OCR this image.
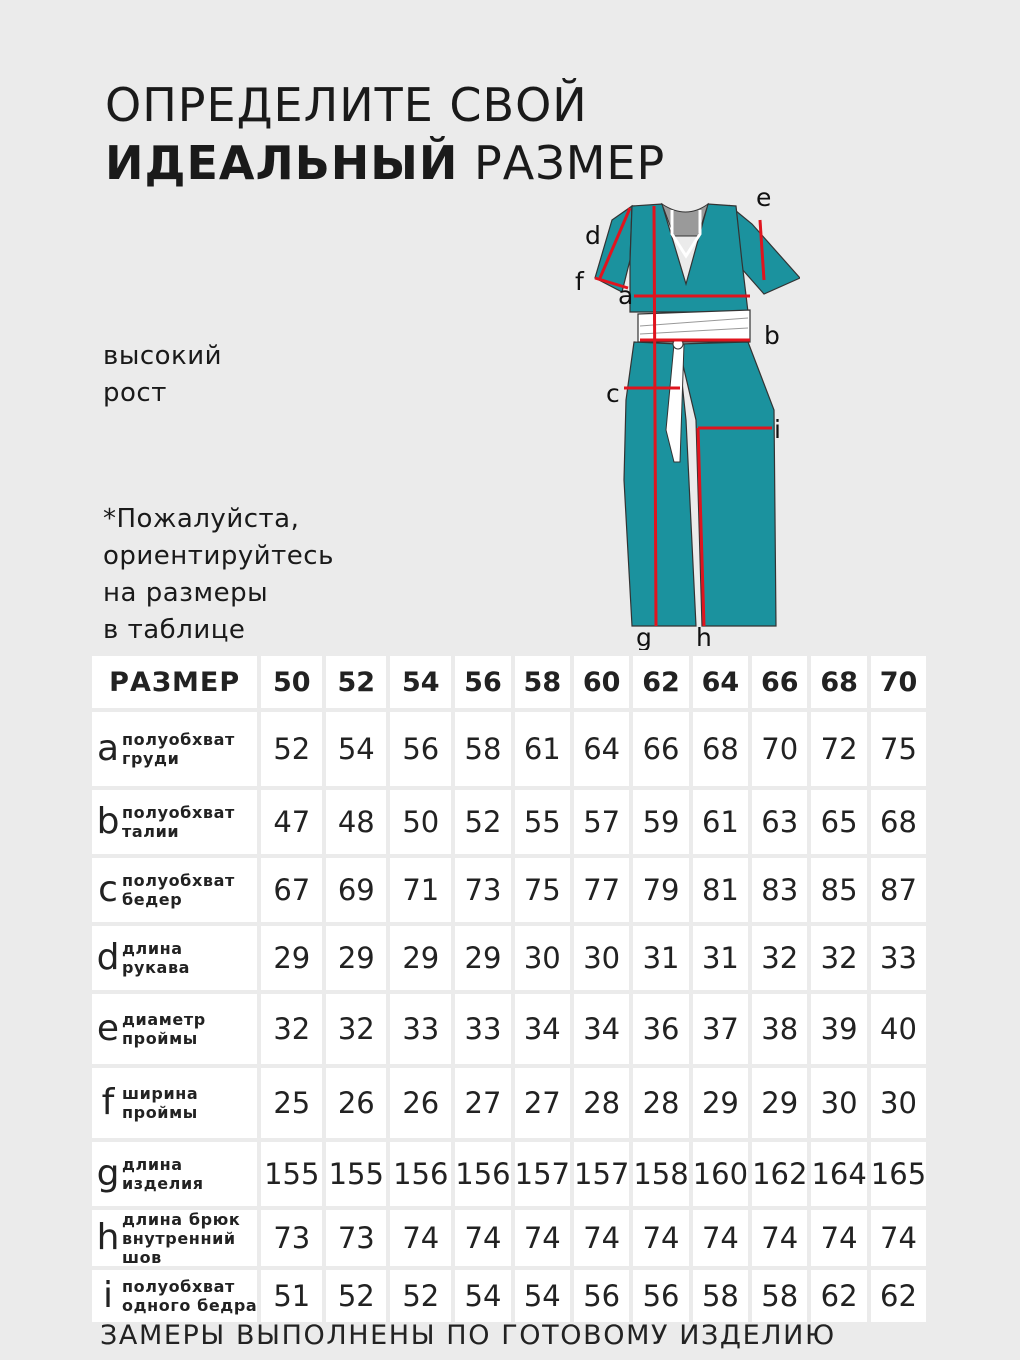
ОПРЕДЕЛИТЕ СВОЙ
ИДЕАЛЬНЫЙ РАЗМЕР
высокий
рост
*Пожалуйста,
ориентируйтесь
на размеры
в таблице
a
b
c
d
e
f
g h
i
РАЗМЕР	50	52	54	56	58	60	62	64	66	68	70

a полуобхват
груди	52	54	56	58	61	64	66	68	70	72	75

b полуобхват
талии	47	48	50	52	55	57	59	61	63	65	68

c полуобхват
бедер	67	69	71	73	75	77	79	81	83	85	87

d длина
рукава	29	29	29	29	30	30	31	31	32	32	33

e диаметр
проймы	32	32	33	33	34	34	36	37	38	39	40

f ширина
проймы	25	26	26	27	27	28	28	29	29	30	30

g длина
изделия	155	155	156	156	157	157	158	160	162	164	165

h длина брюк
внутренний
шов	73	73	74	74	74	74	74	74	74	74	74

i полуобхват
одного бедра	51	52	52	54	54	56	56	58	58	62	62
ЗАМЕРЫ ВЫПОЛНЕНЫ ПО ГОТОВОМУ ИЗДЕЛИЮ
